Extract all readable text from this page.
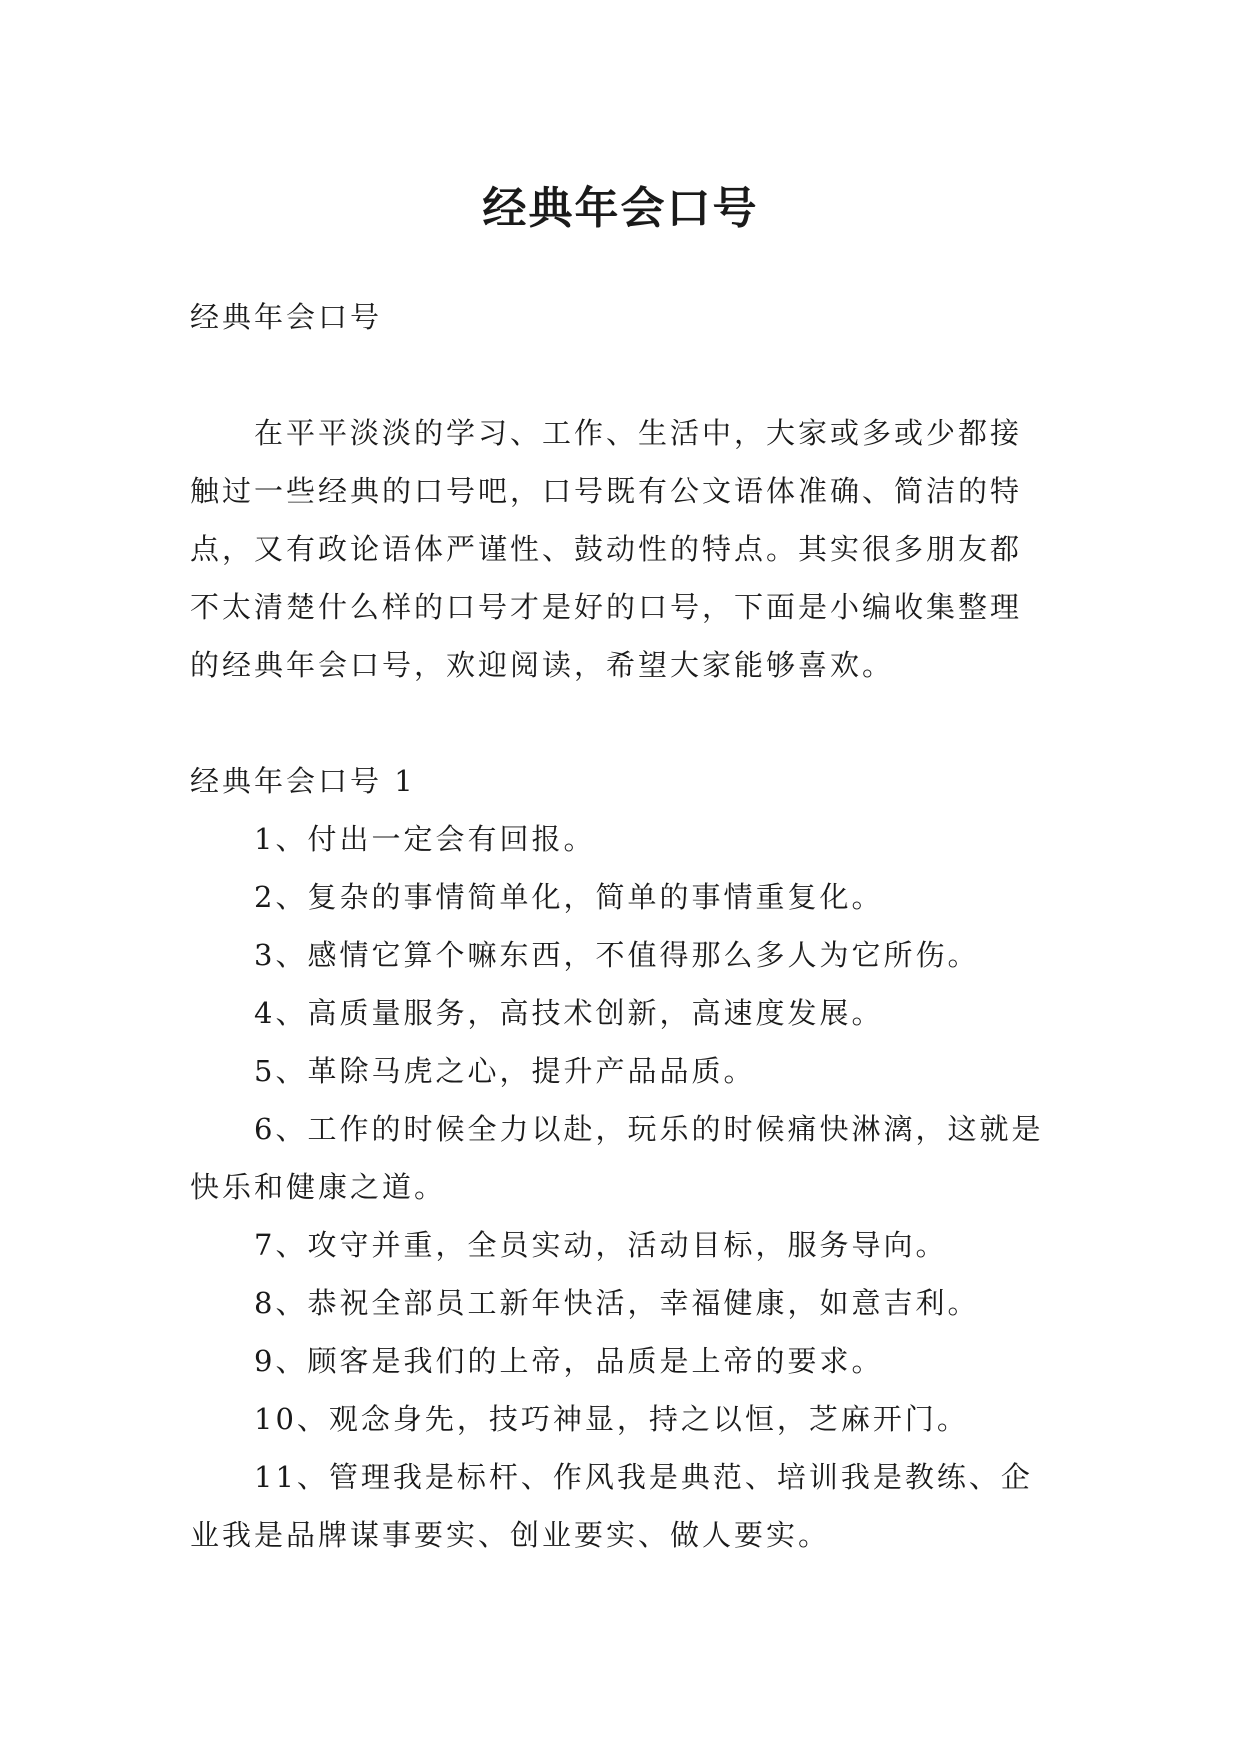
经典年会口号

经典年会口号

在平平淡淡的学习、工作、生活中，大家或多或少都接触过一些经典的口号吧，口号既有公文语体准确、简洁的特点，又有政论语体严谨性、鼓动性的特点。其实很多朋友都不太清楚什么样的口号才是好的口号，下面是小编收集整理的经典年会口号，欢迎阅读，希望大家能够喜欢。

经典年会口号 1

1、付出一定会有回报。
2、复杂的事情简单化，简单的事情重复化。
3、感情它算个嘛东西，不值得那么多人为它所伤。
4、高质量服务，高技术创新，高速度发展。
5、革除马虎之心，提升产品品质。
6、工作的时候全力以赴，玩乐的时候痛快淋漓，这就是快乐和健康之道。
7、攻守并重，全员实动，活动目标，服务导向。
8、恭祝全部员工新年快活，幸福健康，如意吉利。
9、顾客是我们的上帝，品质是上帝的要求。
10、观念身先，技巧神显，持之以恒，芝麻开门。
11、管理我是标杆、作风我是典范、培训我是教练、企业我是品牌谋事要实、创业要实、做人要实。
